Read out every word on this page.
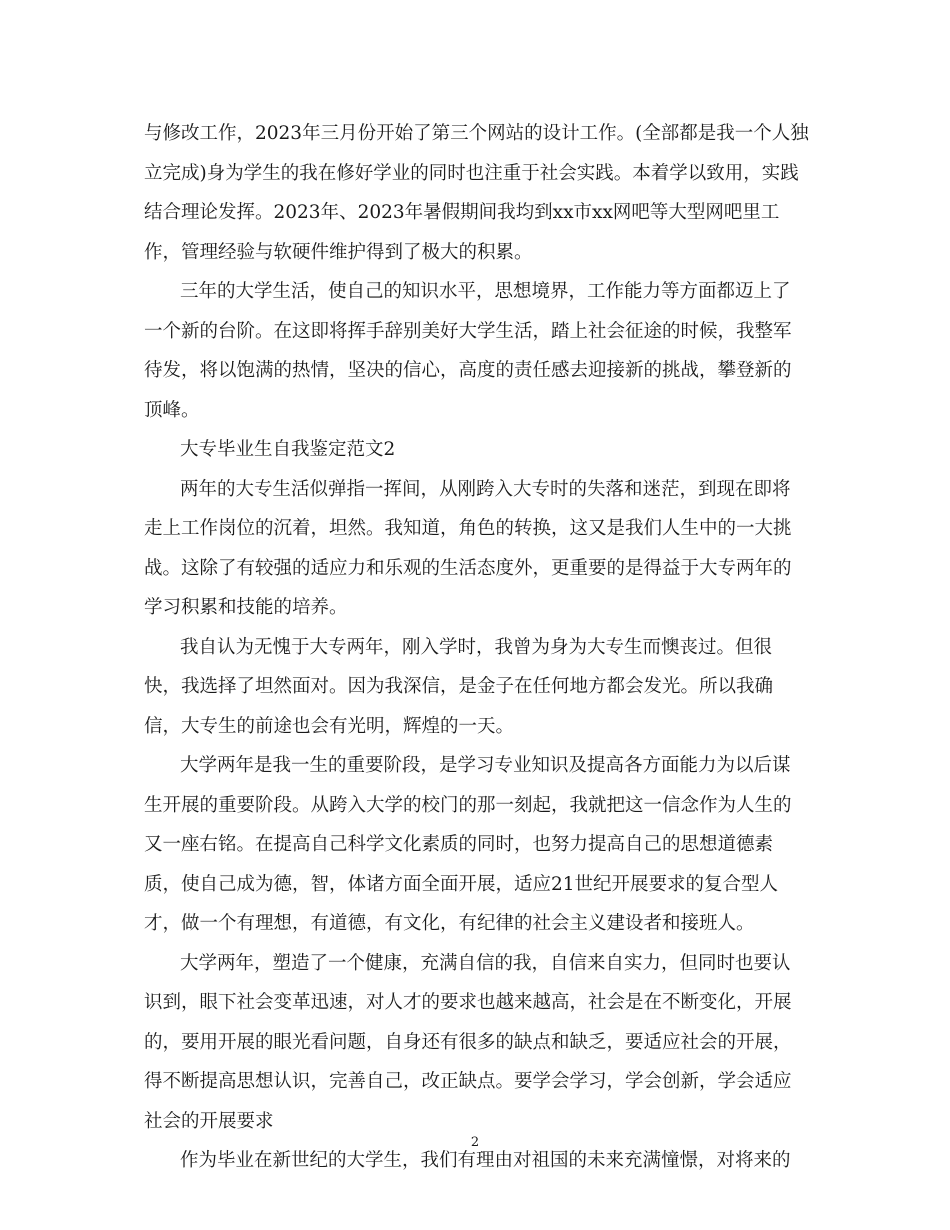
与修改工作，2023年三月份开始了第三个网站的设计工作。(全部都是我一个人独
立完成)身为学生的我在修好学业的同时也注重于社会实践。本着学以致用，实践
结合理论发挥。2023年、2023年暑假期间我均到xx市xx网吧等大型网吧里工
作，管理经验与软硬件维护得到了极大的积累。
三年的大学生活，使自己的知识水平，思想境界，工作能力等方面都迈上了
一个新的台阶。在这即将挥手辞别美好大学生活，踏上社会征途的时候，我整军
待发，将以饱满的热情，坚决的信心，高度的责任感去迎接新的挑战，攀登新的
顶峰。
大专毕业生自我鉴定范文2
两年的大专生活似弹指一挥间，从刚跨入大专时的失落和迷茫，到现在即将
走上工作岗位的沉着，坦然。我知道，角色的转换，这又是我们人生中的一大挑
战。这除了有较强的适应力和乐观的生活态度外，更重要的是得益于大专两年的
学习积累和技能的培养。
我自认为无愧于大专两年，刚入学时，我曾为身为大专生而懊丧过。但很
快，我选择了坦然面对。因为我深信，是金子在任何地方都会发光。所以我确
信，大专生的前途也会有光明，辉煌的一天。
大学两年是我一生的重要阶段，是学习专业知识及提高各方面能力为以后谋
生开展的重要阶段。从跨入大学的校门的那一刻起，我就把这一信念作为人生的
又一座右铭。在提高自己科学文化素质的同时，也努力提高自己的思想道德素
质，使自己成为德，智，体诸方面全面开展，适应21世纪开展要求的复合型人
才，做一个有理想，有道德，有文化，有纪律的社会主义建设者和接班人。
大学两年，塑造了一个健康，充满自信的我，自信来自实力，但同时也要认
识到，眼下社会变革迅速，对人才的要求也越来越高，社会是在不断变化，开展
的，要用开展的眼光看问题，自身还有很多的缺点和缺乏，要适应社会的开展，
得不断提高思想认识，完善自己，改正缺点。要学会学习，学会创新，学会适应
社会的开展要求
作为毕业在新世纪的大学生，我们有理由对祖国的未来充满憧憬，对将来的
2
